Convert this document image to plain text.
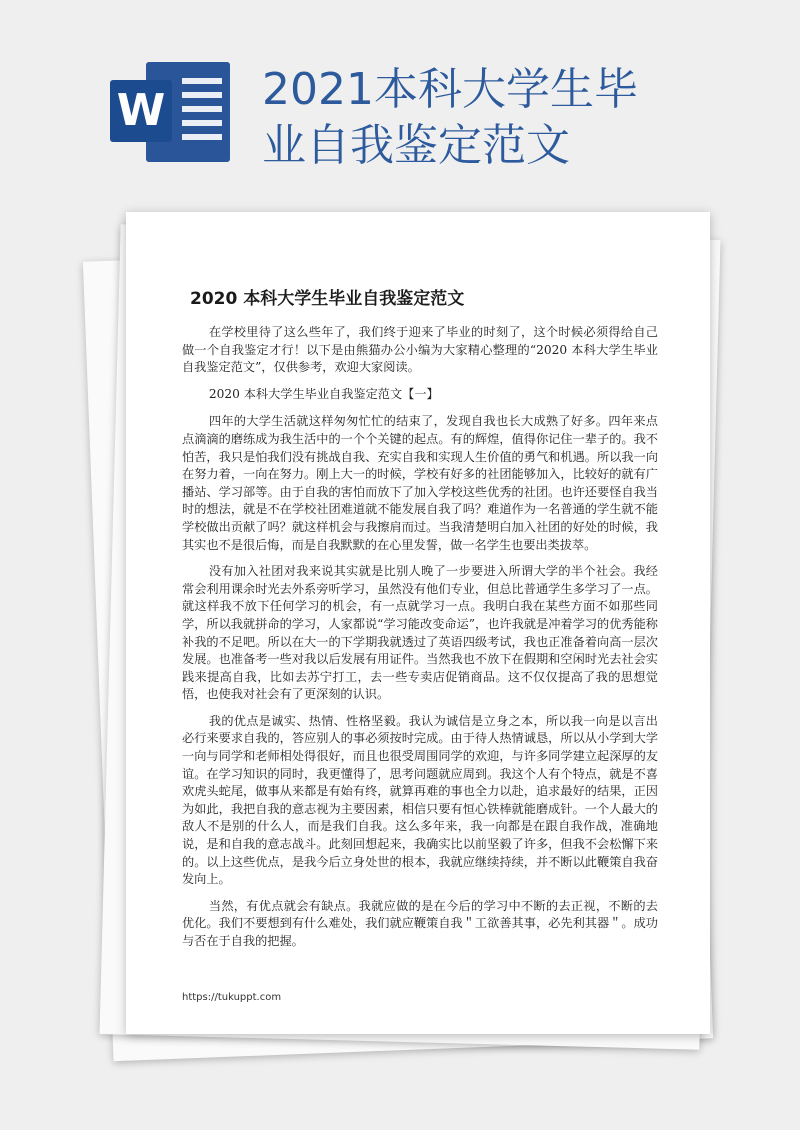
W 2021本科大学生毕
业自我鉴定范文
2020 本科大学生毕业自我鉴定范文

在学校里待了这么些年了，我们终于迎来了毕业的时刻了，这个时候必须得给自己做一个自我鉴定才行！以下是由熊猫办公小编为大家精心整理的“2020 本科大学生毕业自我鉴定范文”，仅供参考，欢迎大家阅读。

2020 本科大学生毕业自我鉴定范文【一】

四年的大学生活就这样匆匆忙忙的结束了，发现自我也长大成熟了好多。四年来点点滴滴的磨练成为我生活中的一个个关键的起点。有的辉煌，值得你记住一辈子的。我不怕苦，我只是怕我们没有挑战自我、充实自我和实现人生价值的勇气和机遇。所以我一向在努力着，一向在努力。刚上大一的时候，学校有好多的社团能够加入，比较好的就有广播站、学习部等。由于自我的害怕而放下了加入学校这些优秀的社团。也许还要怪自我当时的想法，就是不在学校社团难道就不能发展自我了吗？难道作为一名普通的学生就不能学校做出贡献了吗？就这样机会与我擦肩而过。当我清楚明白加入社团的好处的时候，我其实也不是很后悔，而是自我默默的在心里发誓，做一名学生也要出类拔萃。

没有加入社团对我来说其实就是比别人晚了一步要进入所谓大学的半个社会。我经常会利用课余时光去外系旁听学习，虽然没有他们专业，但总比普通学生多学习了一点。就这样我不放下任何学习的机会，有一点就学习一点。我明白我在某些方面不如那些同学，所以我就拼命的学习，人家都说“学习能改变命运”，也许我就是冲着学习的优秀能称补我的不足吧。所以在大一的下学期我就透过了英语四级考试，我也正准备着向高一层次发展。也准备考一些对我以后发展有用证件。当然我也不放下在假期和空闲时光去社会实践来提高自我，比如去苏宁打工，去一些专卖店促销商品。这不仅仅提高了我的思想觉悟，也使我对社会有了更深刻的认识。

我的优点是诚实、热情、性格坚毅。我认为诚信是立身之本，所以我一向是以言出必行来要求自我的，答应别人的事必须按时完成。由于待人热情诚恳，所以从小学到大学一向与同学和老师相处得很好，而且也很受周围同学的欢迎，与许多同学建立起深厚的友谊。在学习知识的同时，我更懂得了，思考问题就应周到。我这个人有个特点，就是不喜欢虎头蛇尾，做事从来都是有始有终，就算再难的事也全力以赴，追求最好的结果，正因为如此，我把自我的意志视为主要因素，相信只要有恒心铁棒就能磨成针。一个人最大的敌人不是别的什么人，而是我们自我。这么多年来，我一向都是在跟自我作战，准确地说，是和自我的意志战斗。此刻回想起来，我确实比以前坚毅了许多，但我不会松懈下来的。以上这些优点，是我今后立身处世的根本，我就应继续持续，并不断以此鞭策自我奋发向上。

当然，有优点就会有缺点。我就应做的是在今后的学习中不断的去正视，不断的去优化。我们不要想到有什么难处，我们就应鞭策自我＂工欲善其事，必先利其器＂。成功与否在于自我的把握。

https://tukuppt.com
